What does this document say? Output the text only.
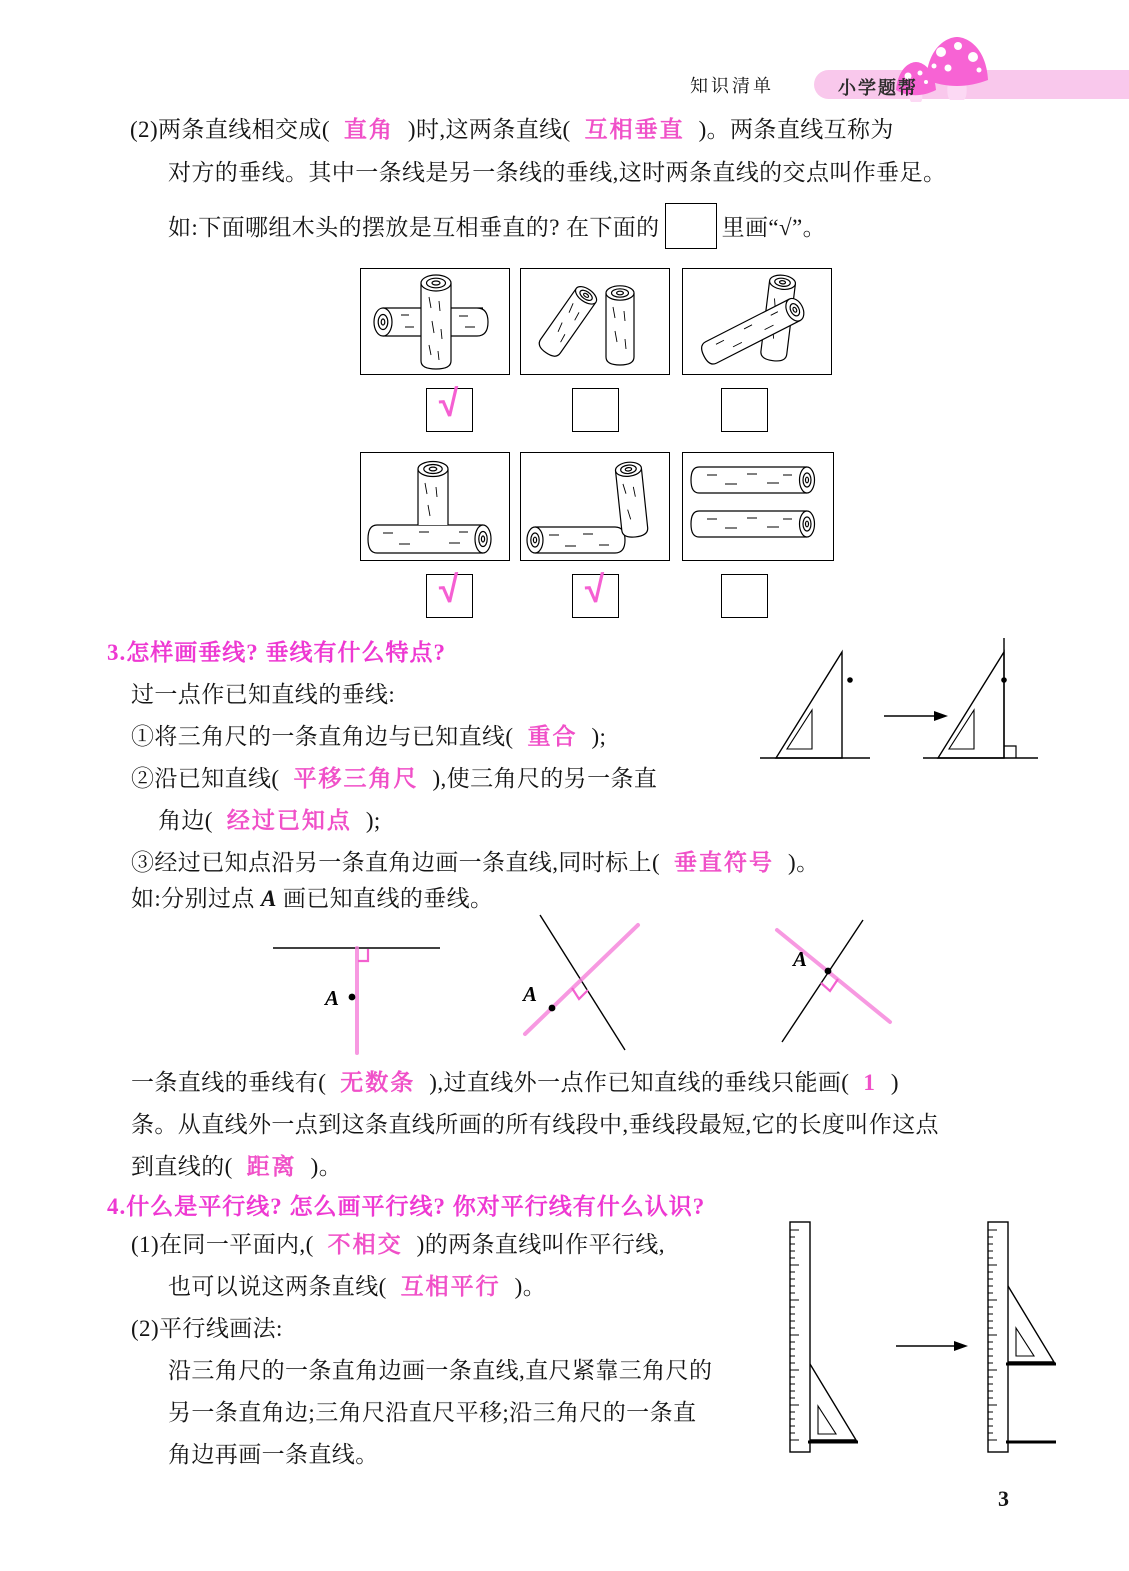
知识清单	小学题帮
(2)两条直线相交成( 直角 )时,这两条直线( 互相垂直 )。两条直线互称为
对方的垂线。其中一条线是另一条线的垂线,这时两条直线的交点叫作垂足。
如:下面哪组木头的摆放是互相垂直的? 在下面的	里画“√”。
√
√	√
3.怎样画垂线? 垂线有什么特点?
过一点作已知直线的垂线:
①将三角尺的一条直角边与已知直线( 重合 );
②沿已知直线( 平移三角尺 ),使三角尺的另一条直
角边( 经过已知点 );
③经过已知点沿另一条直角边画一条直线,同时标上( 垂直符号 )。
如:分别过点 A 画已知直线的垂线。
A	A
A
一条直线的垂线有( 无数条 ),过直线外一点作已知直线的垂线只能画( 1 )
条。从直线外一点到这条直线所画的所有线段中,垂线段最短,它的长度叫作这点
到直线的( 距离 )。
4.什么是平行线? 怎么画平行线? 你对平行线有什么认识?
(1)在同一平面内,( 不相交 )的两条直线叫作平行线,
也可以说这两条直线( 互相平行 )。
(2)平行线画法:
沿三角尺的一条直角边画一条直线,直尺紧靠三角尺的
另一条直角边;三角尺沿直尺平移;沿三角尺的一条直
角边再画一条直线。
3
